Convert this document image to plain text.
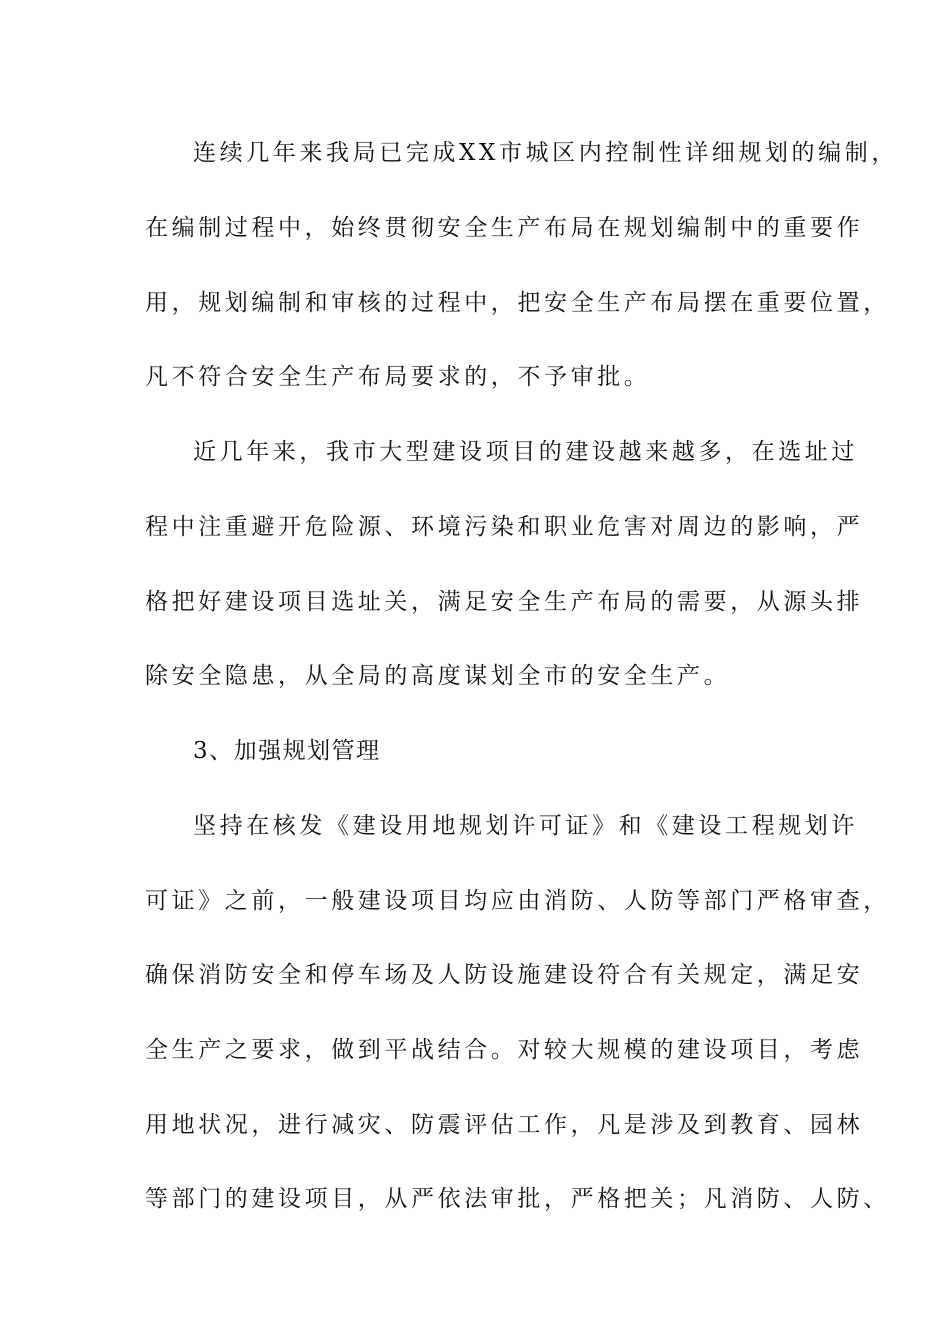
连续几年来我局已完成XX市城区内控制性详细规划的编制，
在编制过程中，始终贯彻安全生产布局在规划编制中的重要作
用，规划编制和审核的过程中，把安全生产布局摆在重要位置，
凡不符合安全生产布局要求的，不予审批。
近几年来，我市大型建设项目的建设越来越多，在选址过
程中注重避开危险源、环境污染和职业危害对周边的影响，严
格把好建设项目选址关，满足安全生产布局的需要，从源头排
除安全隐患，从全局的高度谋划全市的安全生产。
3、加强规划管理
坚持在核发《建设用地规划许可证》和《建设工程规划许
可证》之前，一般建设项目均应由消防、人防等部门严格审查，
确保消防安全和停车场及人防设施建设符合有关规定，满足安
全生产之要求，做到平战结合。对较大规模的建设项目，考虑
用地状况，进行减灾、防震评估工作，凡是涉及到教育、园林
等部门的建设项目，从严依法审批，严格把关；凡消防、人防、
